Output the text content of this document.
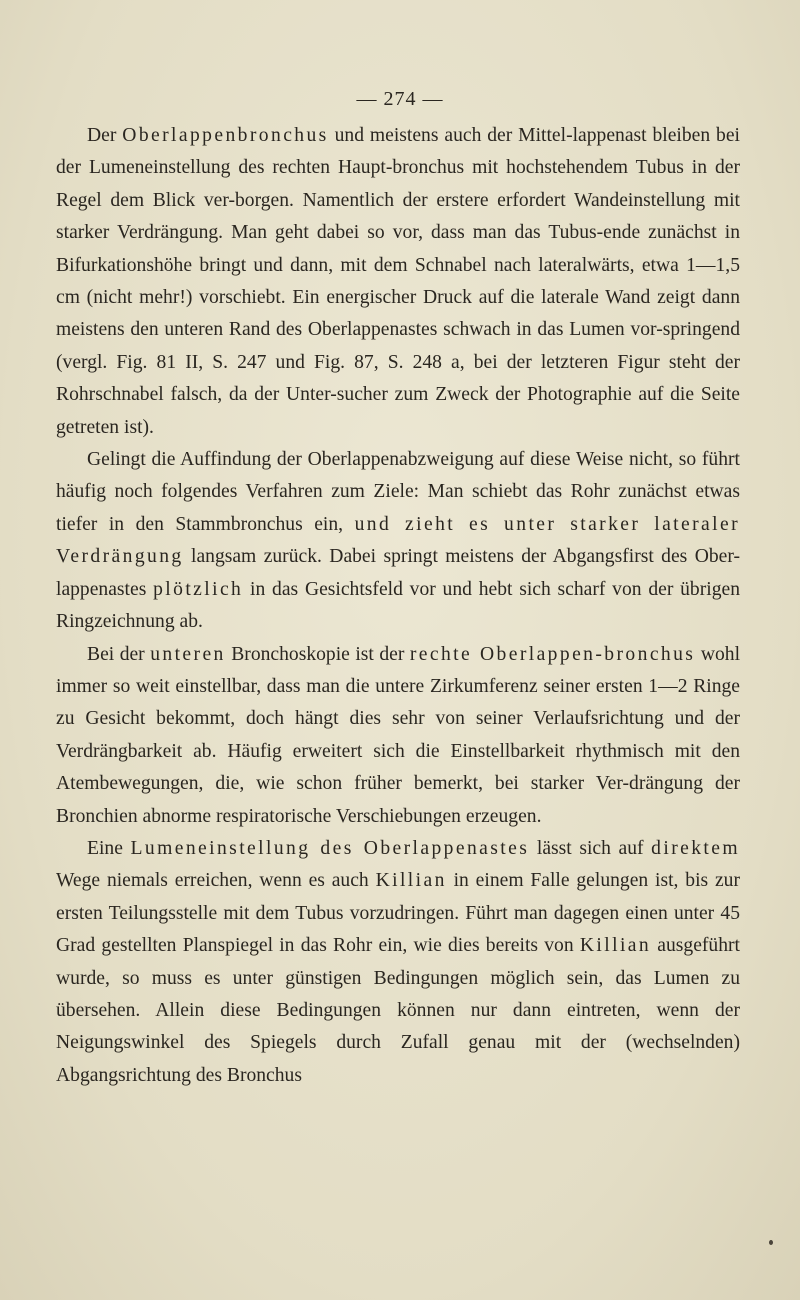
— 274 —

Der Oberlappenbronchus und meistens auch der Mittel-lappenast bleiben bei der Lumeneinstellung des rechten Haupt-bronchus mit hochstehendem Tubus in der Regel dem Blick ver-borgen. Namentlich der erstere erfordert Wandeinstellung mit starker Verdrängung. Man geht dabei so vor, dass man das Tubus-ende zunächst in Bifurkationshöhe bringt und dann, mit dem Schnabel nach lateralwärts, etwa 1—1,5 cm (nicht mehr!) vorschiebt. Ein energischer Druck auf die laterale Wand zeigt dann meistens den unteren Rand des Oberlappenastes schwach in das Lumen vor-springend (vergl. Fig. 81 II, S. 247 und Fig. 87, S. 248 a, bei der letzteren Figur steht der Rohrschnabel falsch, da der Unter-sucher zum Zweck der Photographie auf die Seite getreten ist).

Gelingt die Auffindung der Oberlappenabzweigung auf diese Weise nicht, so führt häufig noch folgendes Verfahren zum Ziele: Man schiebt das Rohr zunächst etwas tiefer in den Stammbronchus ein, und zieht es unter starker lateraler Verdrängung langsam zurück. Dabei springt meistens der Abgangsfirst des Ober-lappenastes plötzlich in das Gesichtsfeld vor und hebt sich scharf von der übrigen Ringzeichnung ab.

Bei der unteren Bronchoskopie ist der rechte Oberlappen-bronchus wohl immer so weit einstellbar, dass man die untere Zirkumferenz seiner ersten 1—2 Ringe zu Gesicht bekommt, doch hängt dies sehr von seiner Verlaufsrichtung und der Verdrängbarkeit ab. Häufig erweitert sich die Einstellbarkeit rhythmisch mit den Atembewegungen, die, wie schon früher bemerkt, bei starker Ver-drängung der Bronchien abnorme respiratorische Verschiebungen erzeugen.

Eine Lumeneinstellung des Oberlappenastes lässt sich auf direktem Wege niemals erreichen, wenn es auch Killian in einem Falle gelungen ist, bis zur ersten Teilungsstelle mit dem Tubus vorzudringen. Führt man dagegen einen unter 45 Grad gestellten Planspiegel in das Rohr ein, wie dies bereits von Killian ausgeführt wurde, so muss es unter günstigen Bedingungen möglich sein, das Lumen zu übersehen. Allein diese Bedingungen können nur dann eintreten, wenn der Neigungswinkel des Spiegels durch Zufall genau mit der (wechselnden) Abgangsrichtung des Bronchus
